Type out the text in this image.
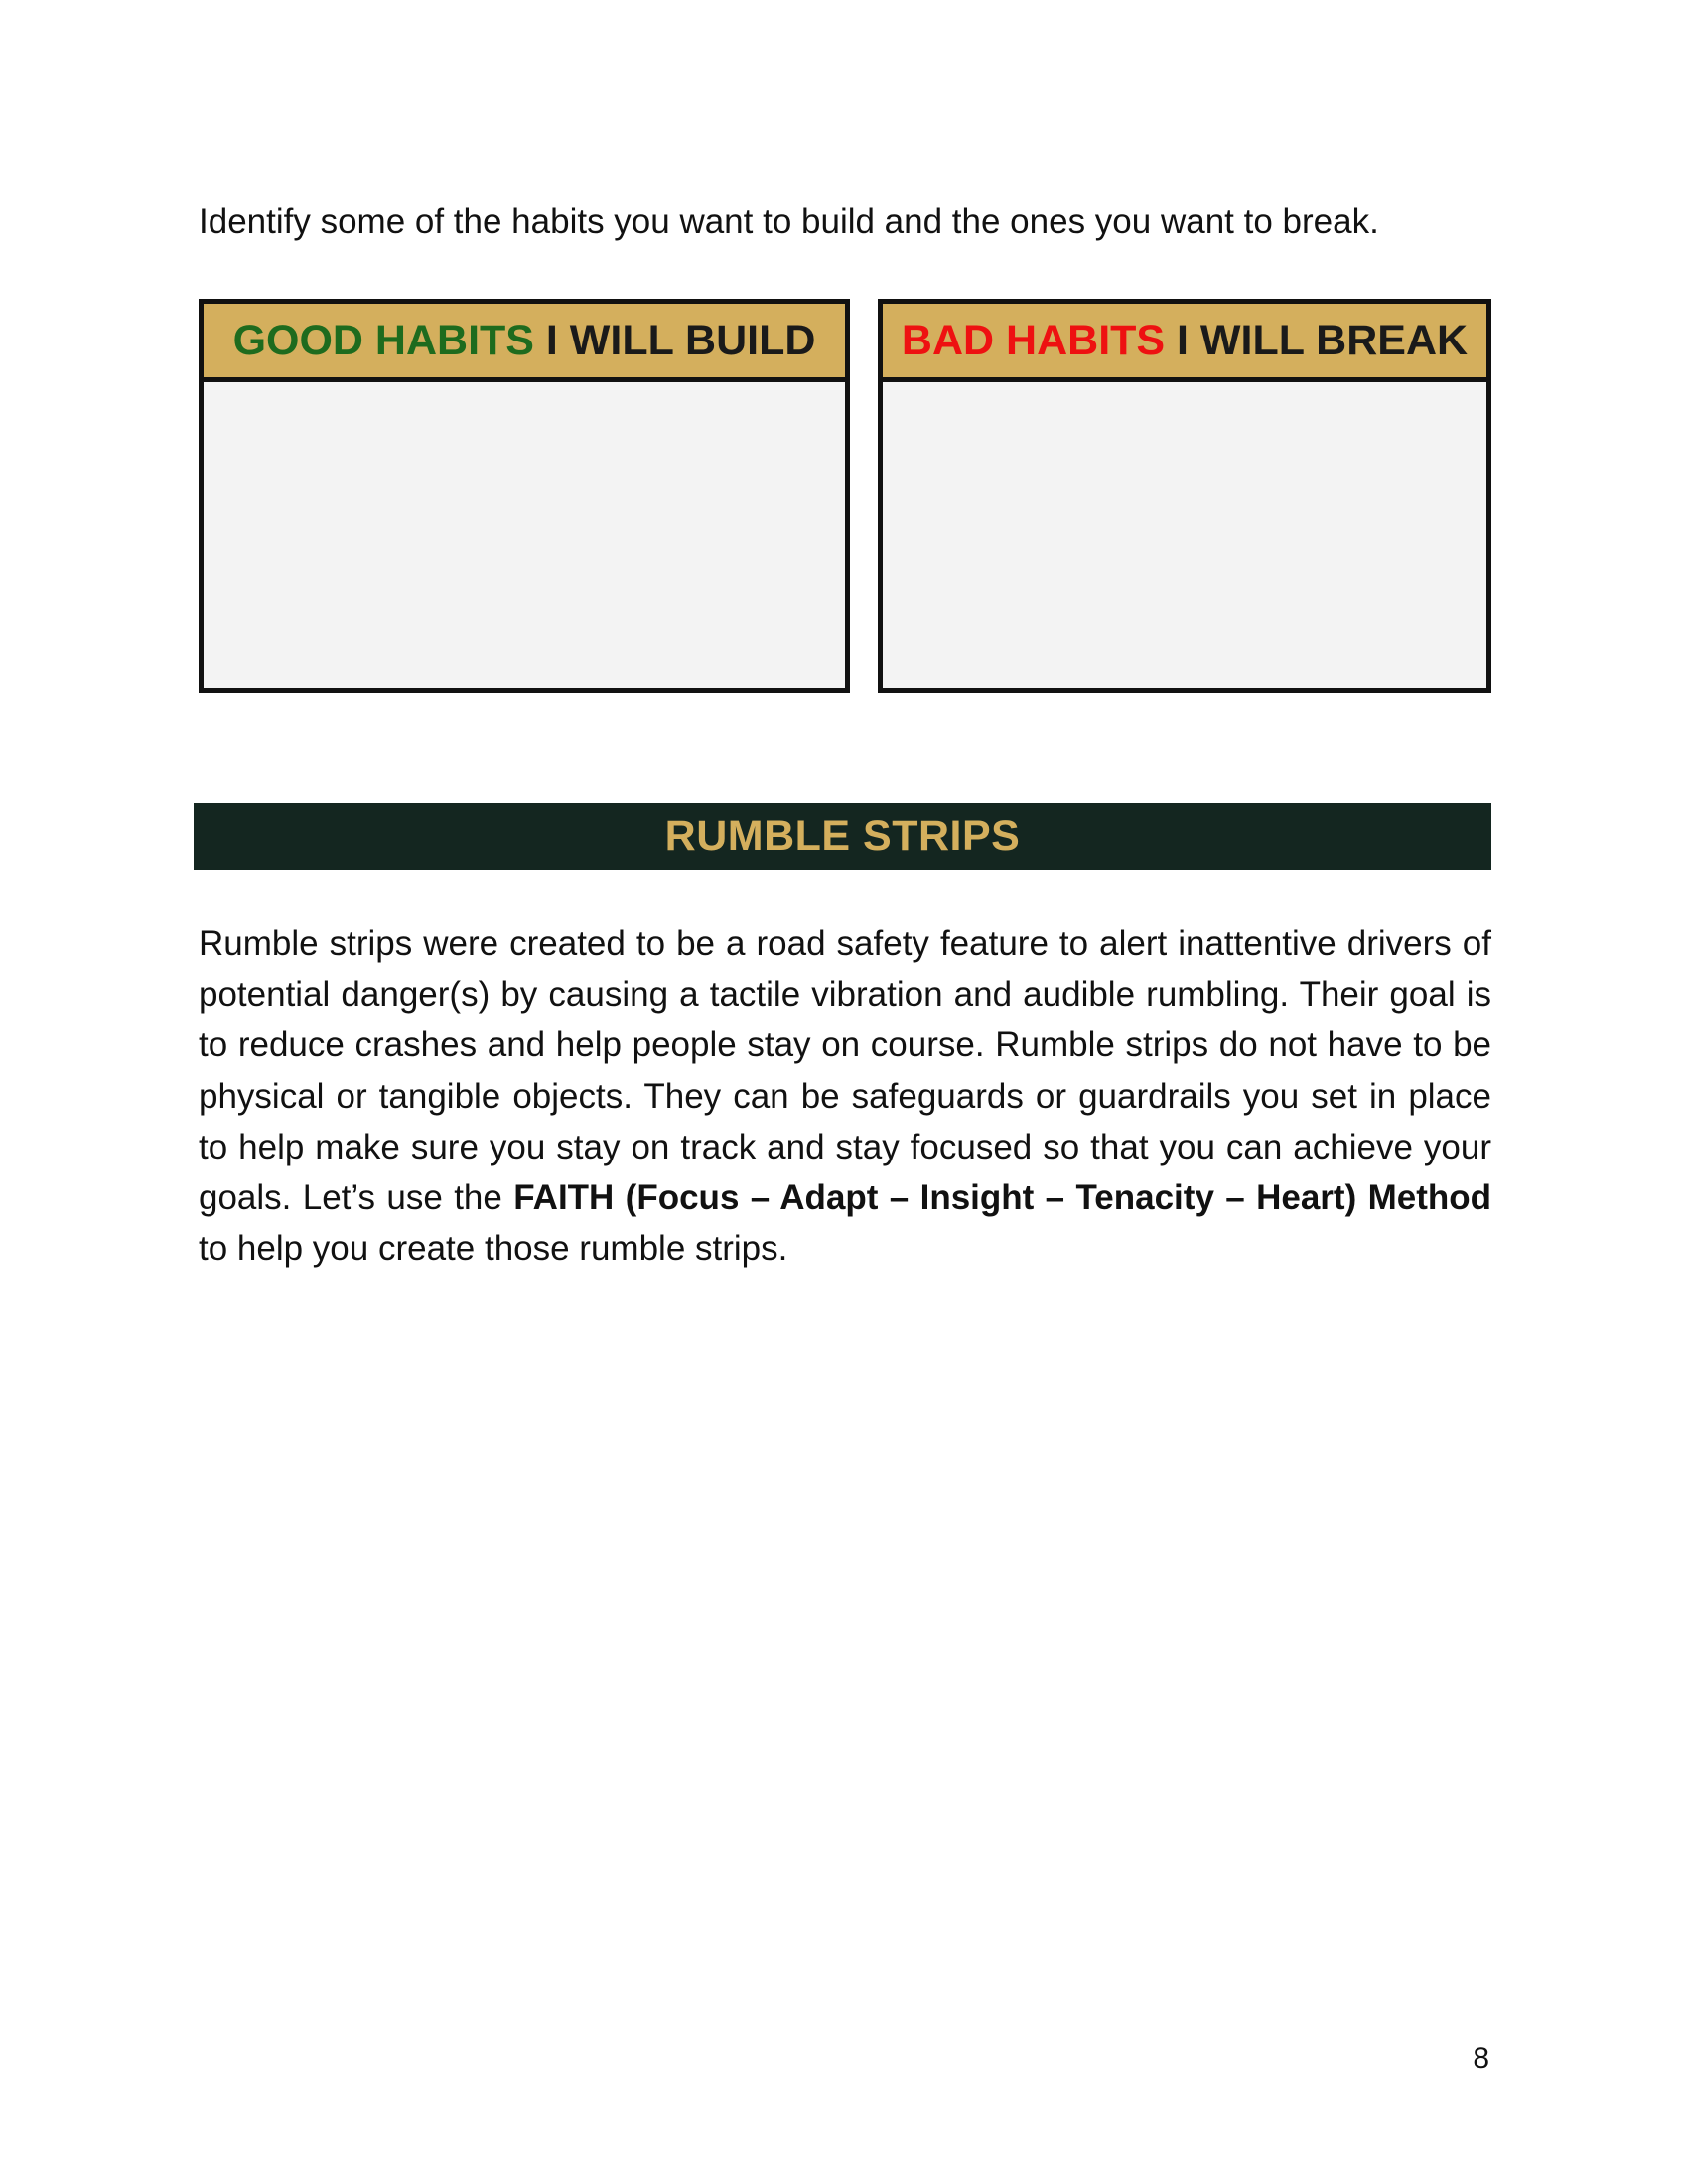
Identify some of the habits you want to build and the ones you want to break.

GOOD HABITS I WILL BUILD BAD HABITS I WILL BREAK
RUMBLE STRIPS

Rumble strips were created to be a road safety feature to alert inattentive drivers of potential danger(s) by causing a tactile vibration and audible rumbling. Their goal is to reduce crashes and help people stay on course. Rumble strips do not have to be physical or tangible objects. They can be safeguards or guardrails you set in place to help make sure you stay on track and stay focused so that you can achieve your goals. Let’s use the FAITH (Focus – Adapt – Insight – Tenacity – Heart) Method to help you create those rumble strips.

8
